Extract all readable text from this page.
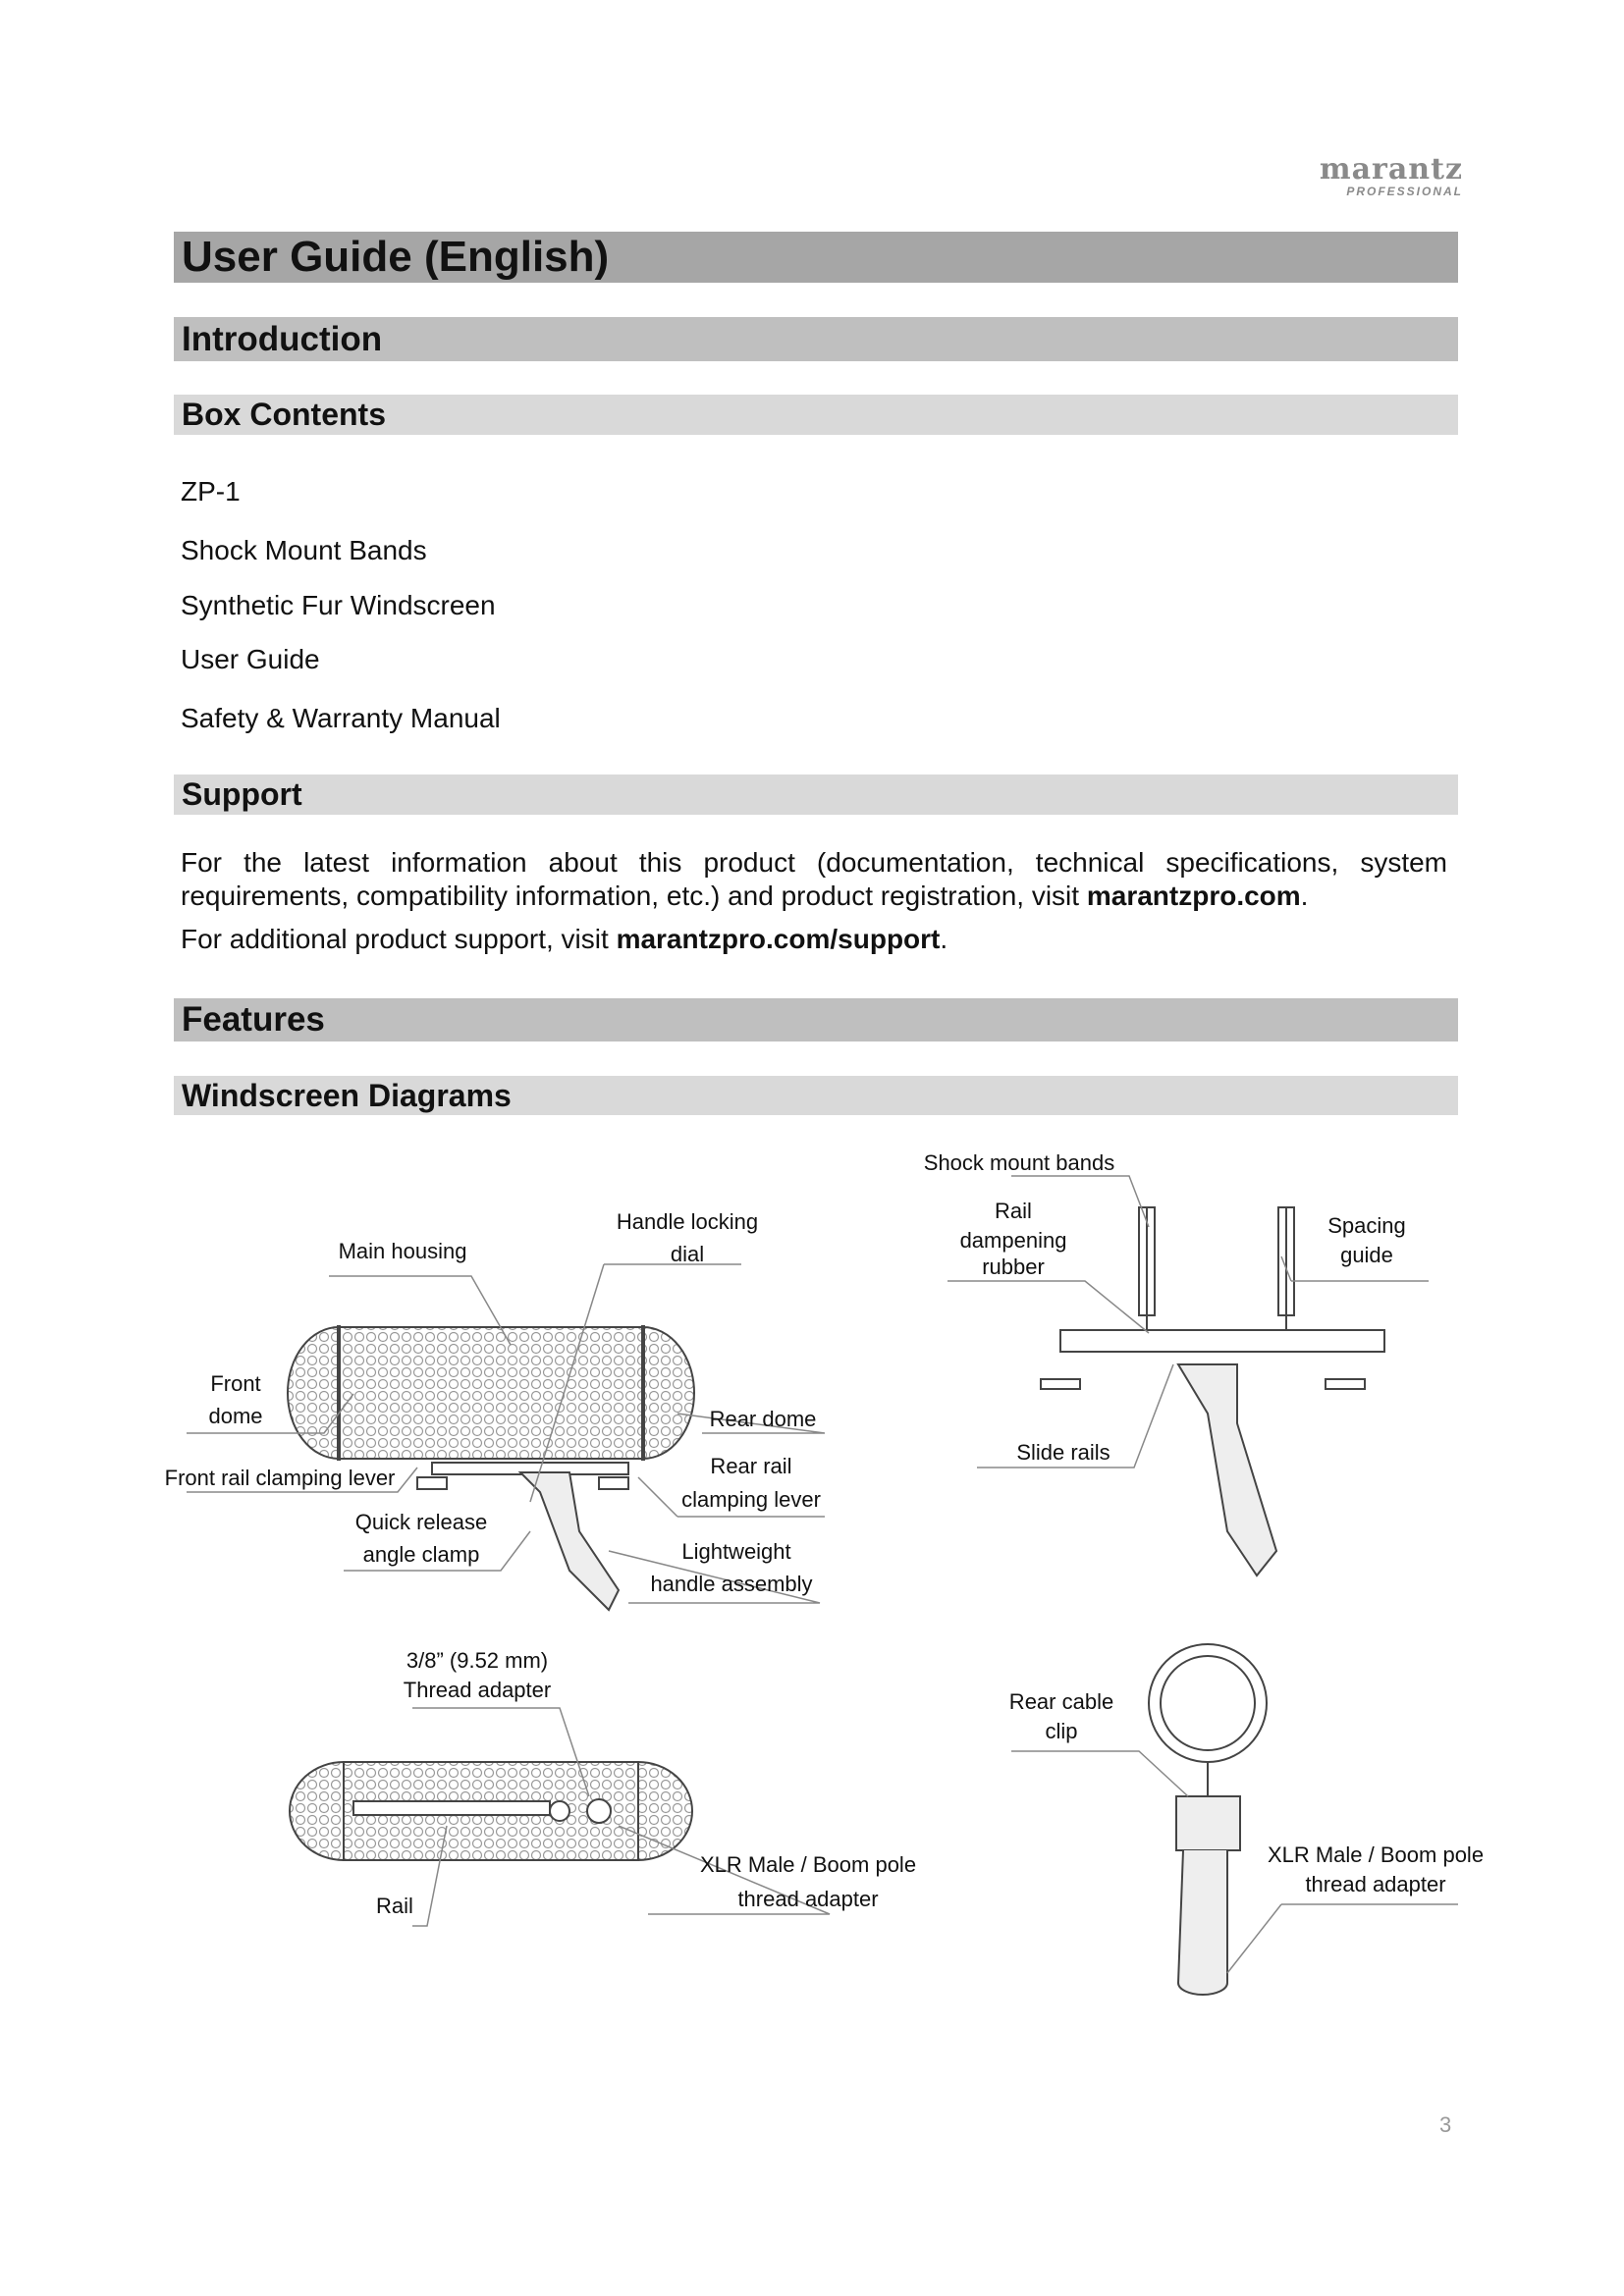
marantz
PROFESSIONAL
User Guide (English)
Introduction
Box Contents
ZP-1
Shock Mount Bands
Synthetic Fur Windscreen
User Guide
Safety & Warranty Manual
Support
For the latest information about this product (documentation, technical specifications, system
requirements, compatibility information, etc.) and product registration, visit marantzpro.com.
For additional product support, visit marantzpro.com/support.
Features
Windscreen Diagrams
Main housing
Handle locking
dial
Front
dome	Rear dome
Front rail clamping lever	Rear rail
clamping lever
Quick release
angle clamp	Lightweight
handle assembly
Shock mount bands
Rail
dampening
rubber
Spacing
guide
Slide rails
3/8” (9.52 mm)
Thread adapter
Rail
XLR Male / Boom pole
thread adapter
Rear cable
clip
XLR Male / Boom pole
thread adapter
3
